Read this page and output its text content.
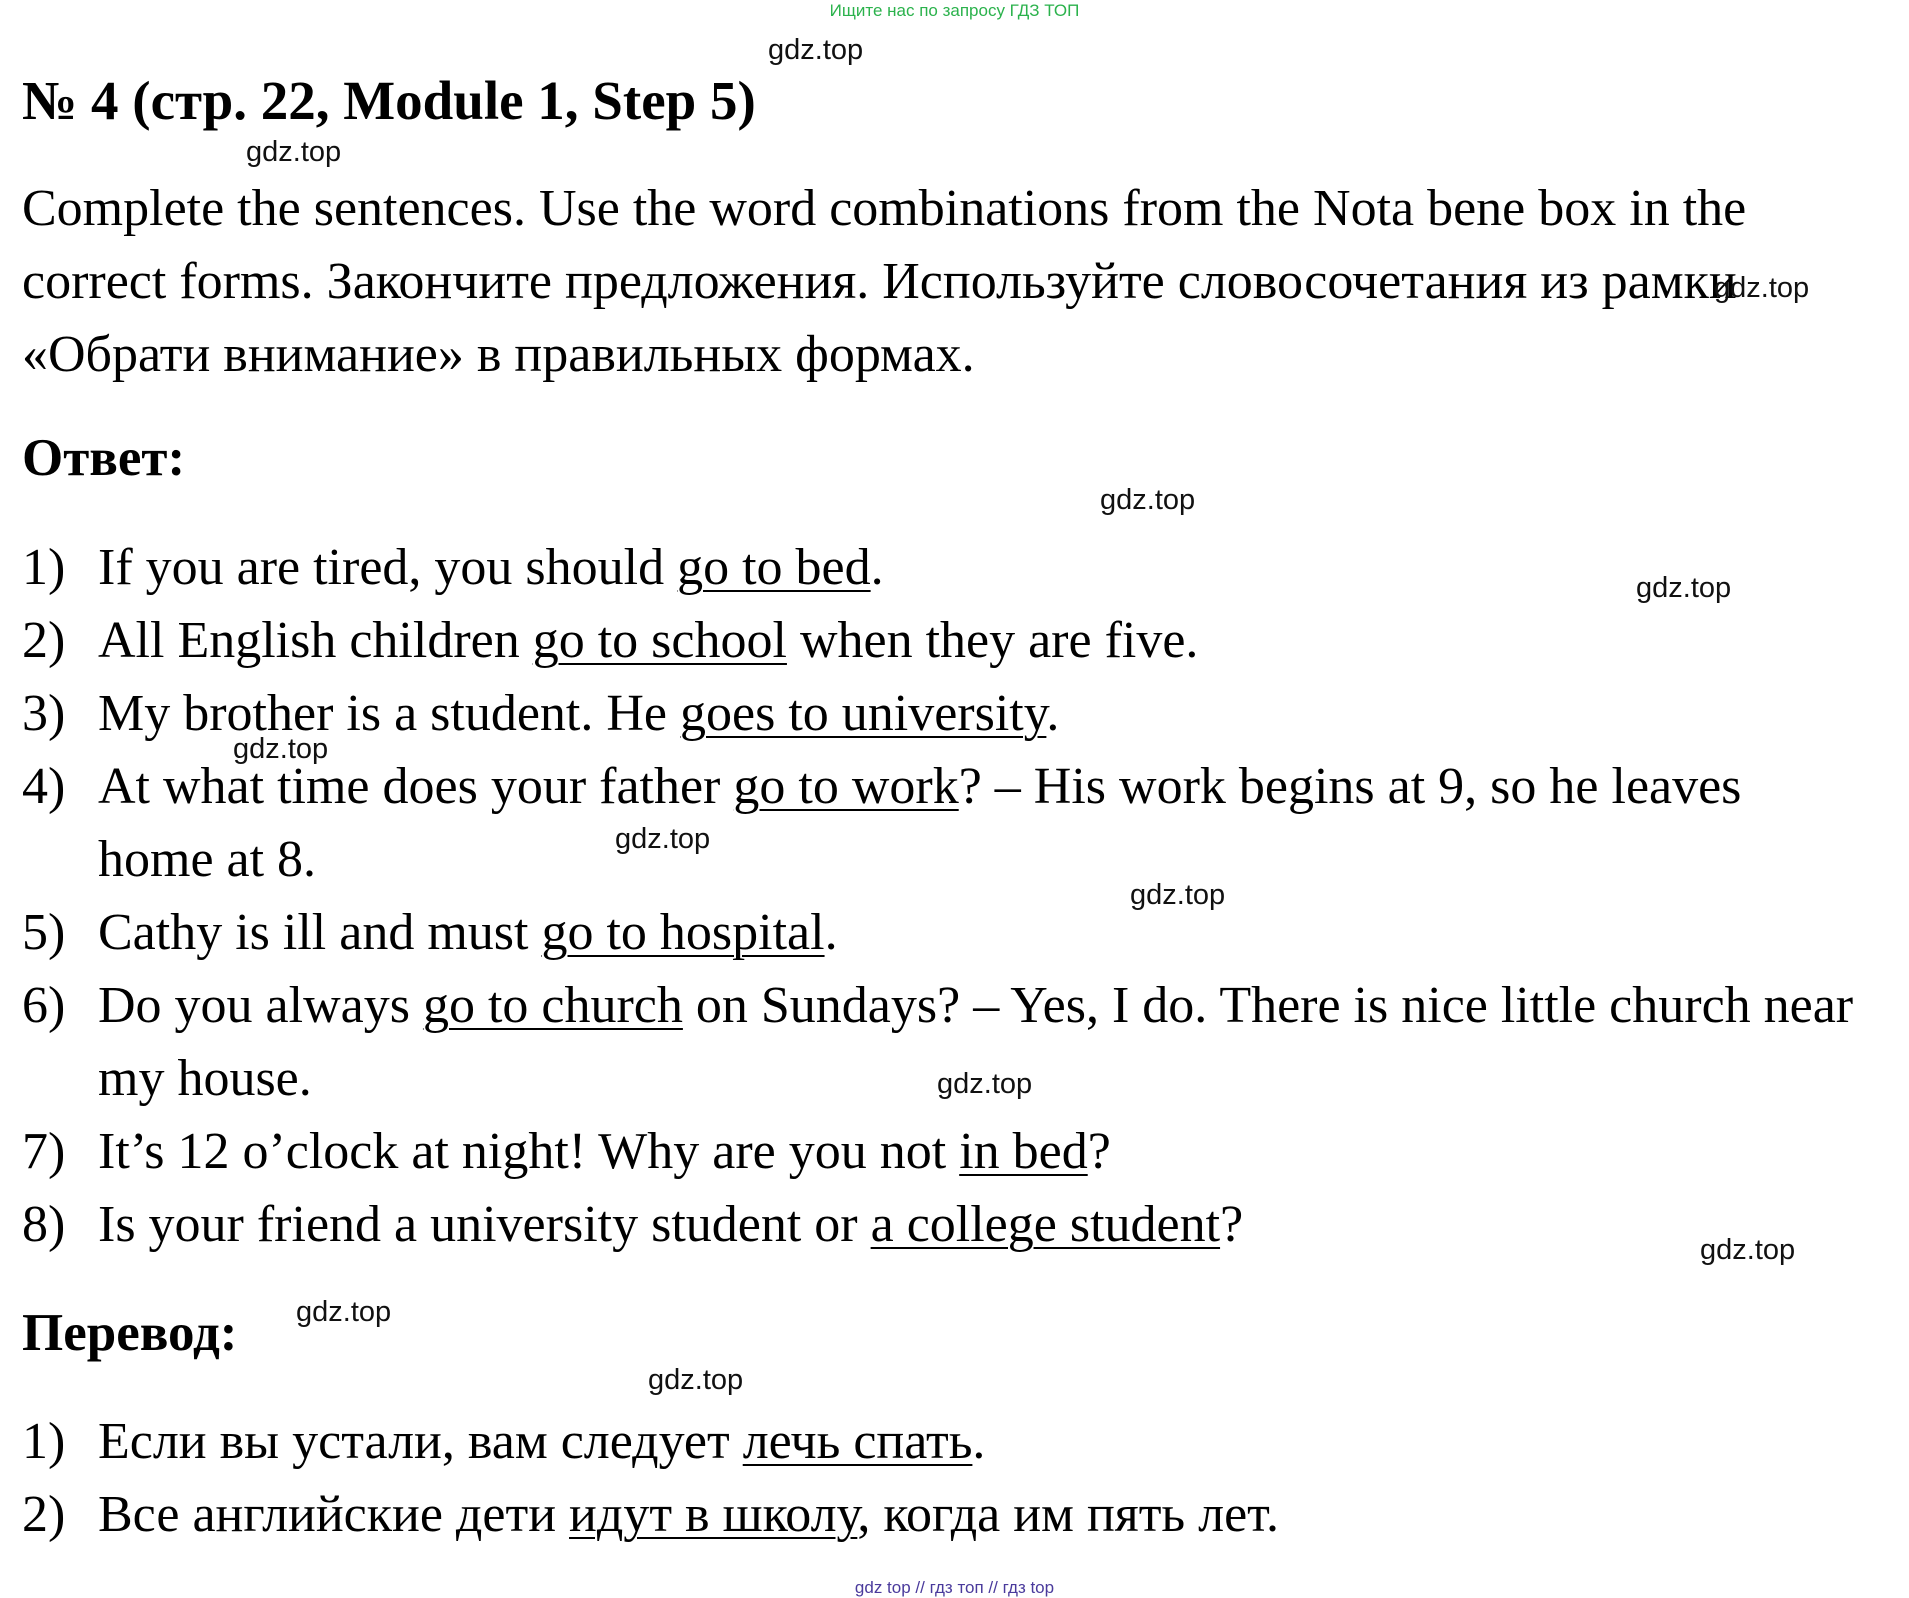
Ищите нас по запросу ГДЗ ТОП
№ 4 (стр. 22, Module 1, Step 5)
Complete the sentences. Use the word combinations from the Nota bene box in the correct forms. Закончите предложения. Используйте словосочетания из рамки «Обрати внимание» в правильных формах.
Ответ:
1) If you are tired, you should go to bed.
2) All English children go to school when they are five.
3) My brother is a student. He goes to university.
4) At what time does your father go to work? – His work begins at 9, so he leaves home at 8.
5) Cathy is ill and must go to hospital.
6) Do you always go to church on Sundays? – Yes, I do. There is nice little church near my house.
7) It’s 12 o’clock at night! Why are you not in bed?
8) Is your friend a university student or a college student?
Перевод:
1) Если вы устали, вам следует лечь спать.
2) Все английские дети идут в школу, когда им пять лет.
gdz.top
gdz.top
gdz.top
gdz.top
gdz.top
gdz.top
gdz.top
gdz.top
gdz.top
gdz.top
gdz.top
gdz.top
gdz top // гдз топ // гдз top
